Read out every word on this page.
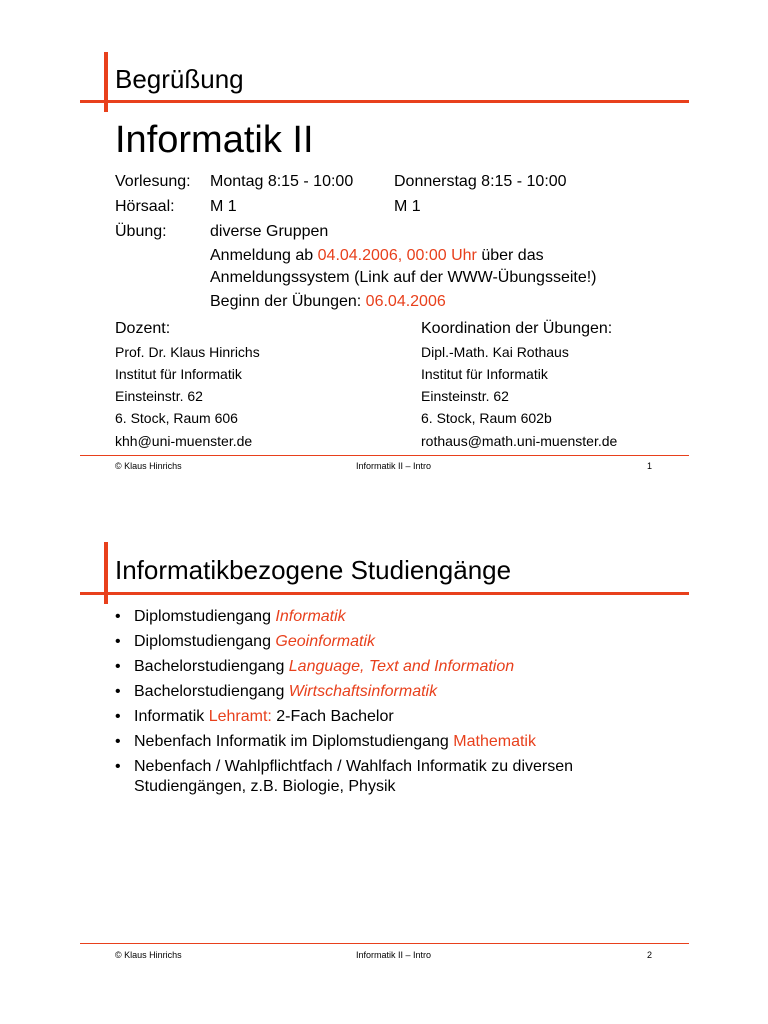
Begrüßung
Informatik II
Vorlesung: Montag 8:15 - 10:00	Donnerstag 8:15 - 10:00
Hörsaal: M 1	M 1
Übung:	diverse Gruppen
Anmeldung ab 04.04.2006, 00:00 Uhr über das
Anmeldungssystem (Link auf der WWW-Übungsseite!)
Beginn der Übungen: 06.04.2006
Dozent:
Prof. Dr. Klaus Hinrichs
Institut für Informatik
Einsteinstr. 62
6. Stock, Raum 606
khh@uni-muenster.de
Koordination der Übungen:
Dipl.-Math. Kai Rothaus
Institut für Informatik
Einsteinstr. 62
6. Stock, Raum 602b
rothaus@math.uni-muenster.de
© Klaus Hinrichs	Informatik II – Intro	1
Informatikbezogene Studiengänge
• Diplomstudiengang Informatik
• Diplomstudiengang Geoinformatik
• Bachelorstudiengang Language, Text and Information
• Bachelorstudiengang Wirtschaftsinformatik
• Informatik Lehramt: 2-Fach Bachelor
• Nebenfach Informatik im Diplomstudiengang Mathematik
• Nebenfach / Wahlpflichtfach / Wahlfach Informatik zu diversen Studiengängen, z.B. Biologie, Physik
© Klaus Hinrichs	Informatik II – Intro	2
